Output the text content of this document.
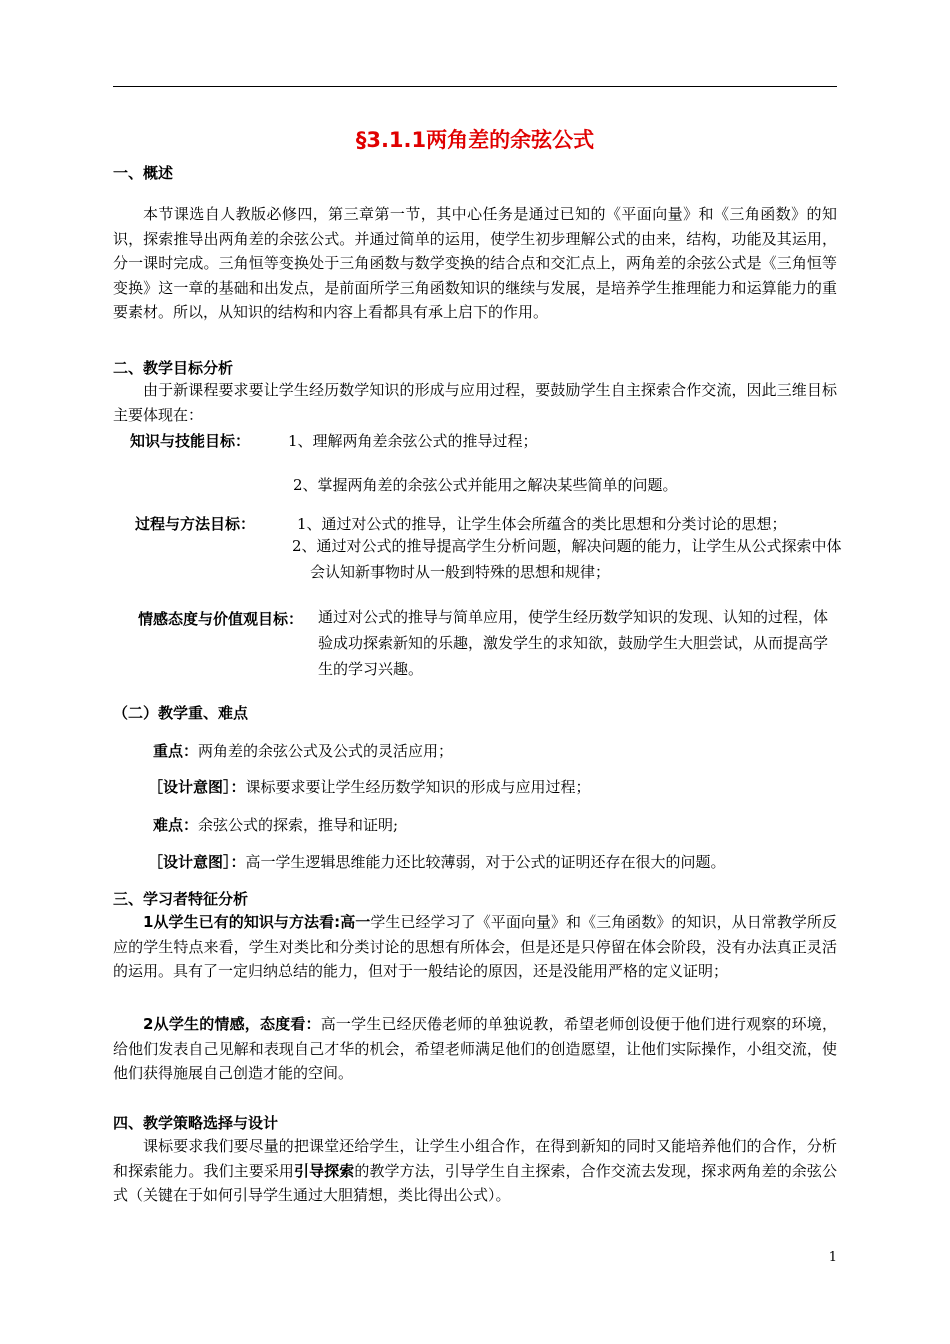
§3.1.1两角差的余弦公式
一、概述
本节课选自人教版必修四，第三章第一节，其中心任务是通过已知的《平面向量》和《三角函数》的知识，探索推导出两角差的余弦公式。并通过简单的运用，使学生初步理解公式的由来，结构，功能及其运用，分一课时完成。三角恒等变换处于三角函数与数学变换的结合点和交汇点上，两角差的余弦公式是《三角恒等变换》这一章的基础和出发点，是前面所学三角函数知识的继续与发展，是培养学生推理能力和运算能力的重要素材。所以，从知识的结构和内容上看都具有承上启下的作用。
二、教学目标分析
由于新课程要求要让学生经历数学知识的形成与应用过程，要鼓励学生自主探索合作交流，因此三维目标主要体现在：
知识与技能目标：	1、理解两角差余弦公式的推导过程；
2、掌握两角差的余弦公式并能用之解决某些简单的问题。
过程与方法目标：	1、通过对公式的推导，让学生体会所蕴含的类比思想和分类讨论的思想；
2、通过对公式的推导提高学生分析问题，解决问题的能力，让学生从公式探索中体会认知新事物时从一般到特殊的思想和规律；
情感态度与价值观目标： 通过对公式的推导与简单应用，使学生经历数学知识的发现、认知的过程，体验成功探索新知的乐趣，激发学生的求知欲，鼓励学生大胆尝试，从而提高学生的学习兴趣。
（二）教学重、难点
重点：两角差的余弦公式及公式的灵活应用；
［设计意图］：课标要求要让学生经历数学知识的形成与应用过程；
难点：余弦公式的探索，推导和证明;
［设计意图］：高一学生逻辑思维能力还比较薄弱，对于公式的证明还存在很大的问题。
三、学习者特征分析
1从学生已有的知识与方法看:高一学生已经学习了《平面向量》和《三角函数》的知识，从日常教学所反应的学生特点来看，学生对类比和分类讨论的思想有所体会，但是还是只停留在体会阶段，没有办法真正灵活的运用。具有了一定归纳总结的能力，但对于一般结论的原因，还是没能用严格的定义证明；
2从学生的情感，态度看：高一学生已经厌倦老师的单独说教，希望老师创设便于他们进行观察的环境，给他们发表自己见解和表现自己才华的机会，希望老师满足他们的创造愿望，让他们实际操作，小组交流，使他们获得施展自己创造才能的空间。
四、教学策略选择与设计
课标要求我们要尽量的把课堂还给学生，让学生小组合作，在得到新知的同时又能培养他们的合作，分析和探索能力。我们主要采用引导探索的教学方法，引导学生自主探索，合作交流去发现，探求两角差的余弦公式（关键在于如何引导学生通过大胆猜想，类比得出公式）。
1
